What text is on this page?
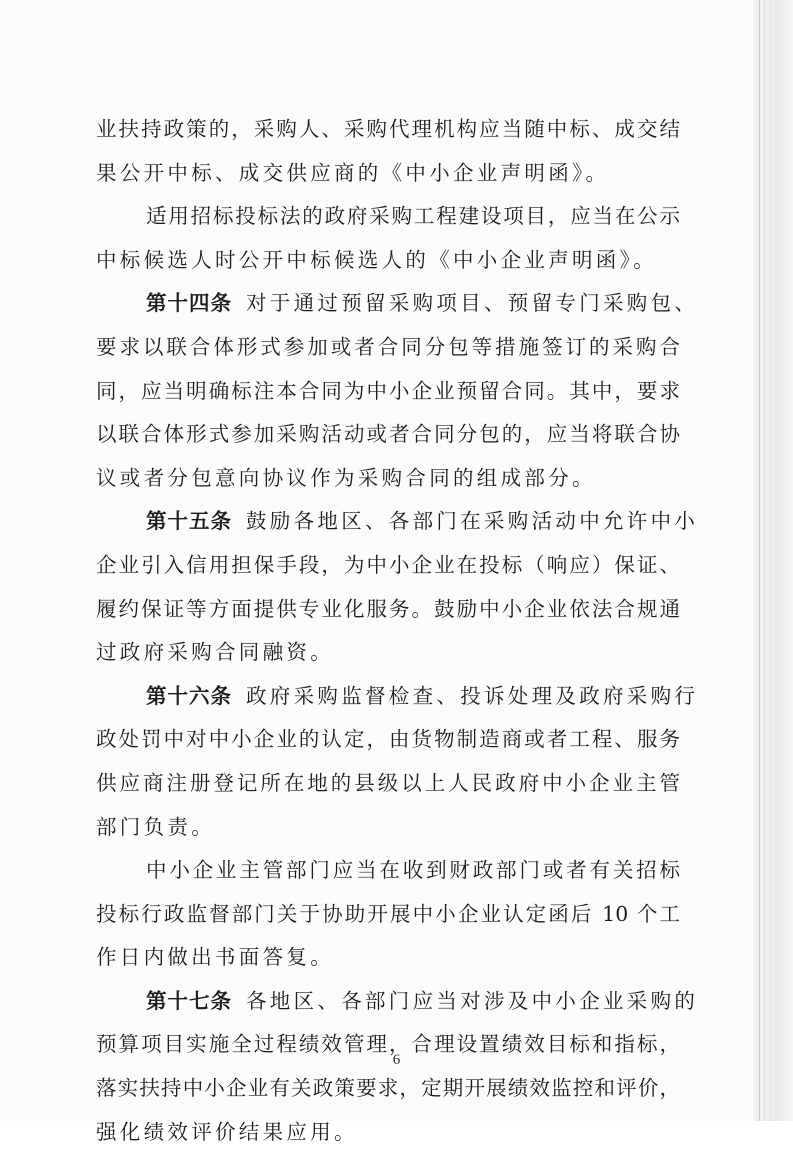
业扶持政策的，采购人、采购代理机构应当随中标、成交结
果公开中标、成交供应商的《中小企业声明函》。
适用招标投标法的政府采购工程建设项目，应当在公示
中标候选人时公开中标候选人的《中小企业声明函》。
第十四条 对于通过预留采购项目、预留专门采购包、
要求以联合体形式参加或者合同分包等措施签订的采购合
同，应当明确标注本合同为中小企业预留合同。其中，要求
以联合体形式参加采购活动或者合同分包的，应当将联合协
议或者分包意向协议作为采购合同的组成部分。
第十五条 鼓励各地区、各部门在采购活动中允许中小
企业引入信用担保手段，为中小企业在投标（响应）保证、
履约保证等方面提供专业化服务。鼓励中小企业依法合规通
过政府采购合同融资。
第十六条 政府采购监督检查、投诉处理及政府采购行
政处罚中对中小企业的认定，由货物制造商或者工程、服务
供应商注册登记所在地的县级以上人民政府中小企业主管
部门负责。
中小企业主管部门应当在收到财政部门或者有关招标
投标行政监督部门关于协助开展中小企业认定函后 10 个工
作日内做出书面答复。
第十七条 各地区、各部门应当对涉及中小企业采购的
预算项目实施全过程绩效管理，合理设置绩效目标和指标，
落实扶持中小企业有关政策要求，定期开展绩效监控和评价，
强化绩效评价结果应用。
6
